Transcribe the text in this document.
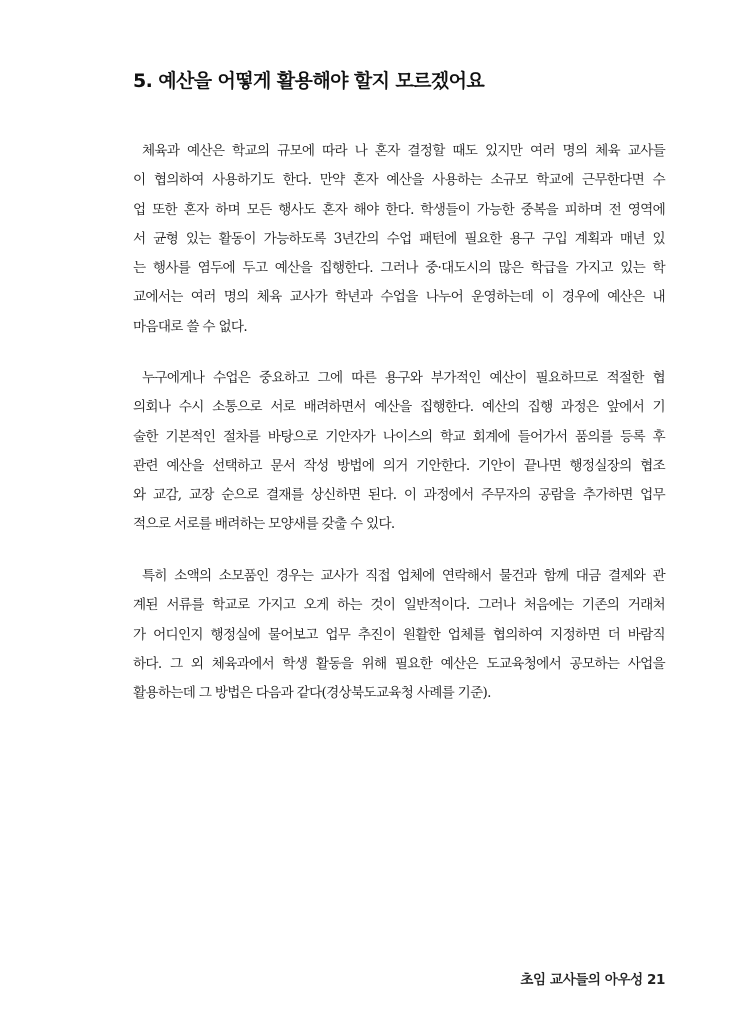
5. 예산을 어떻게 활용해야 할지 모르겠어요
체육과 예산은 학교의 규모에 따라 나 혼자 결정할 때도 있지만 여러 명의 체육 교사들
이 협의하여 사용하기도 한다. 만약 혼자 예산을 사용하는 소규모 학교에 근무한다면 수
업 또한 혼자 하며 모든 행사도 혼자 해야 한다. 학생들이 가능한 중복을 피하며 전 영역에
서 균형 있는 활동이 가능하도록 3년간의 수업 패턴에 필요한 용구 구입 계획과 매년 있
는 행사를 염두에 두고 예산을 집행한다. 그러나 중·대도시의 많은 학급을 가지고 있는 학
교에서는 여러 명의 체육 교사가 학년과 수업을 나누어 운영하는데 이 경우에 예산은 내
마음대로 쓸 수 없다.
누구에게나 수업은 중요하고 그에 따른 용구와 부가적인 예산이 필요하므로 적절한 협
의회나 수시 소통으로 서로 배려하면서 예산을 집행한다. 예산의 집행 과정은 앞에서 기
술한 기본적인 절차를 바탕으로 기안자가 나이스의 학교 회계에 들어가서 품의를 등록 후
관련 예산을 선택하고 문서 작성 방법에 의거 기안한다. 기안이 끝나면 행정실장의 협조
와 교감, 교장 순으로 결재를 상신하면 된다. 이 과정에서 주무자의 공람을 추가하면 업무
적으로 서로를 배려하는 모양새를 갖출 수 있다.
특히 소액의 소모품인 경우는 교사가 직접 업체에 연락해서 물건과 함께 대금 결제와 관
계된 서류를 학교로 가지고 오게 하는 것이 일반적이다. 그러나 처음에는 기존의 거래처
가 어디인지 행정실에 물어보고 업무 추진이 원활한 업체를 협의하여 지정하면 더 바람직
하다. 그 외 체육과에서 학생 활동을 위해 필요한 예산은 도교육청에서 공모하는 사업을
활용하는데 그 방법은 다음과 같다(경상북도교육청 사례를 기준).
초임 교사들의 아우성 21
